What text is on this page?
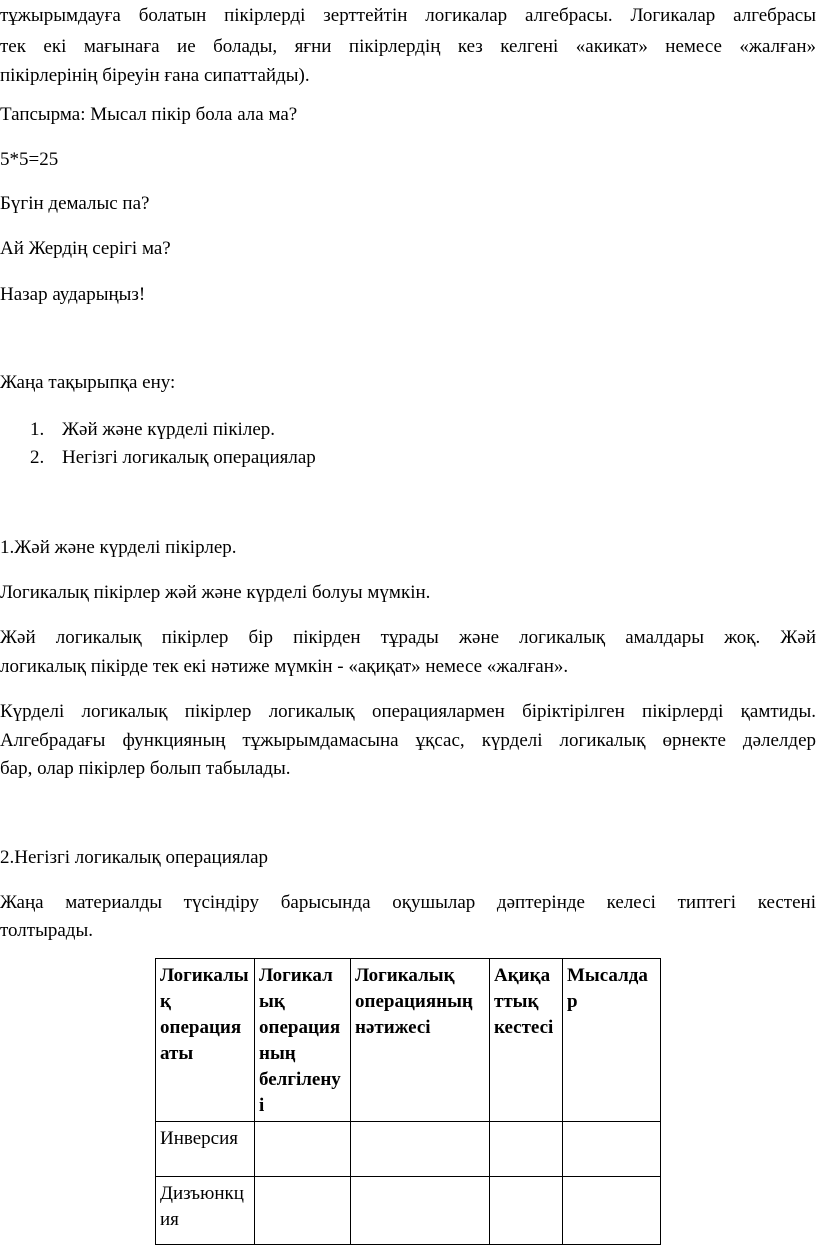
тұжырымдауға болатын пікірлерді зерттейтін логикалар алгебрасы. Логикалар алгебрасы
тек екі мағынаға ие болады, яғни пікірлердің кез келгені «акикат» немесе «жалған»
пікірлерінің біреуін ғана сипаттайды).
Тапсырма: Мысал пікір бола ала ма?
5*5=25
Бүгін демалыс па?
Ай Жердің серігі ма?
Назар аударыңыз!
Жаңа тақырыпқа ену:
1. Жәй және күрделі пікілер.
2. Негізгі логикалық операциялар
1.Жәй және күрделі пікірлер.
Логикалық пікірлер жәй және күрделі болуы мүмкін.
Жәй логикалық пікірлер бір пікірден тұрады және логикалық амалдары жоқ. Жәй
логикалық пікірде тек екі нәтиже мүмкін - «ақиқат» немесе «жалған».
Күрделі логикалық пікірлер логикалық операциялармен біріктірілген пікірлерді қамтиды.
Алгебрадағы функцияның тұжырымдамасына ұқсас, күрделі логикалық өрнекте дәлелдер
бар, олар пікірлер болып табылады.
2.Негізгі логикалық операциялар
Жаңа материалды түсіндіру барысында оқушылар дәптерінде келесі типтегі кестені
толтырады.
Логикалық операция аты	Логикалық операцияның белгіленуі	Логикалық операцияның нәтижесі	Ақиқаттық кестесі	Мысалдар
Инверсия				
Дизъюнкция				
